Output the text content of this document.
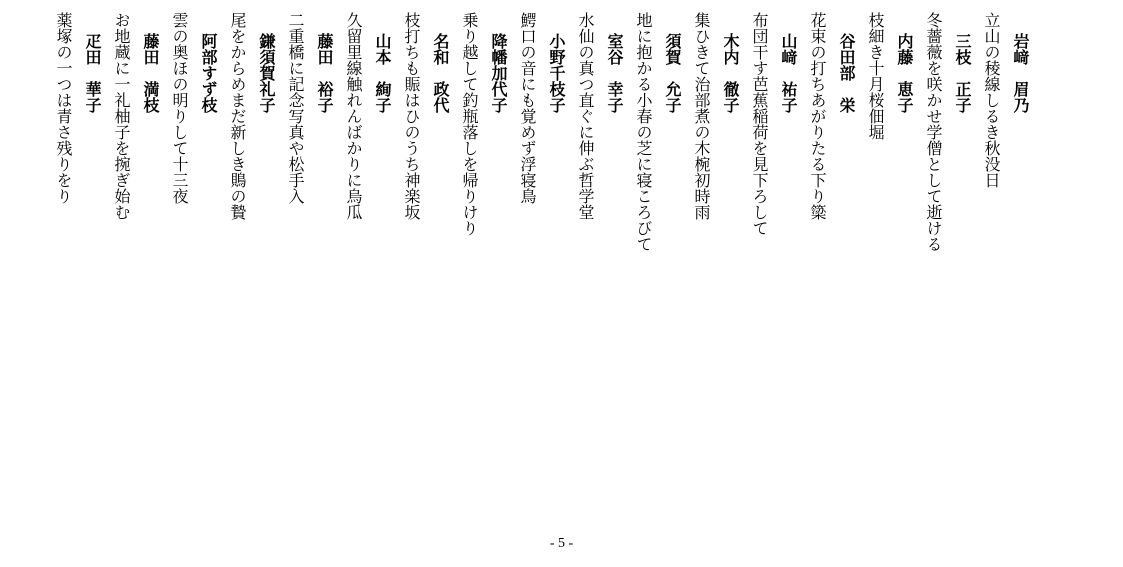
岩﨑　眉乃
立山の稜線しるき秋没日
三枝　正子
冬薔薇を咲かせ学僧として逝ける
内藤　恵子
枝細き十月桜佃堀
谷田部　栄
花束の打ちあがりたる下り簗
山﨑　祐子
布団干す芭蕉稲荷を見下ろして
木内　徹子
集ひきて治部煮の木椀初時雨
須賀　允子
地に抱かる小春の芝に寝ころびて
室谷　幸子
水仙の真つ直ぐに伸ぶ哲学堂
小野千枝子
鰐口の音にも覚めず浮寝鳥
降幡加代子
乗り越して釣瓶落しを帰りけり
名和　政代
枝打ちも賑はひのうち神楽坂
山本　絢子
久留里線触れんばかりに烏瓜
藤田　裕子
二重橋に記念写真や松手入
鎌須賀礼子
尾をからめまだ新しき鵙の贄
阿部すず枝
雲の奥ほの明りして十三夜
藤田　満枝
お地蔵に一礼柚子を捥ぎ始む
疋田　華子
薬塚の一つは青さ残りをり
- 5 -
